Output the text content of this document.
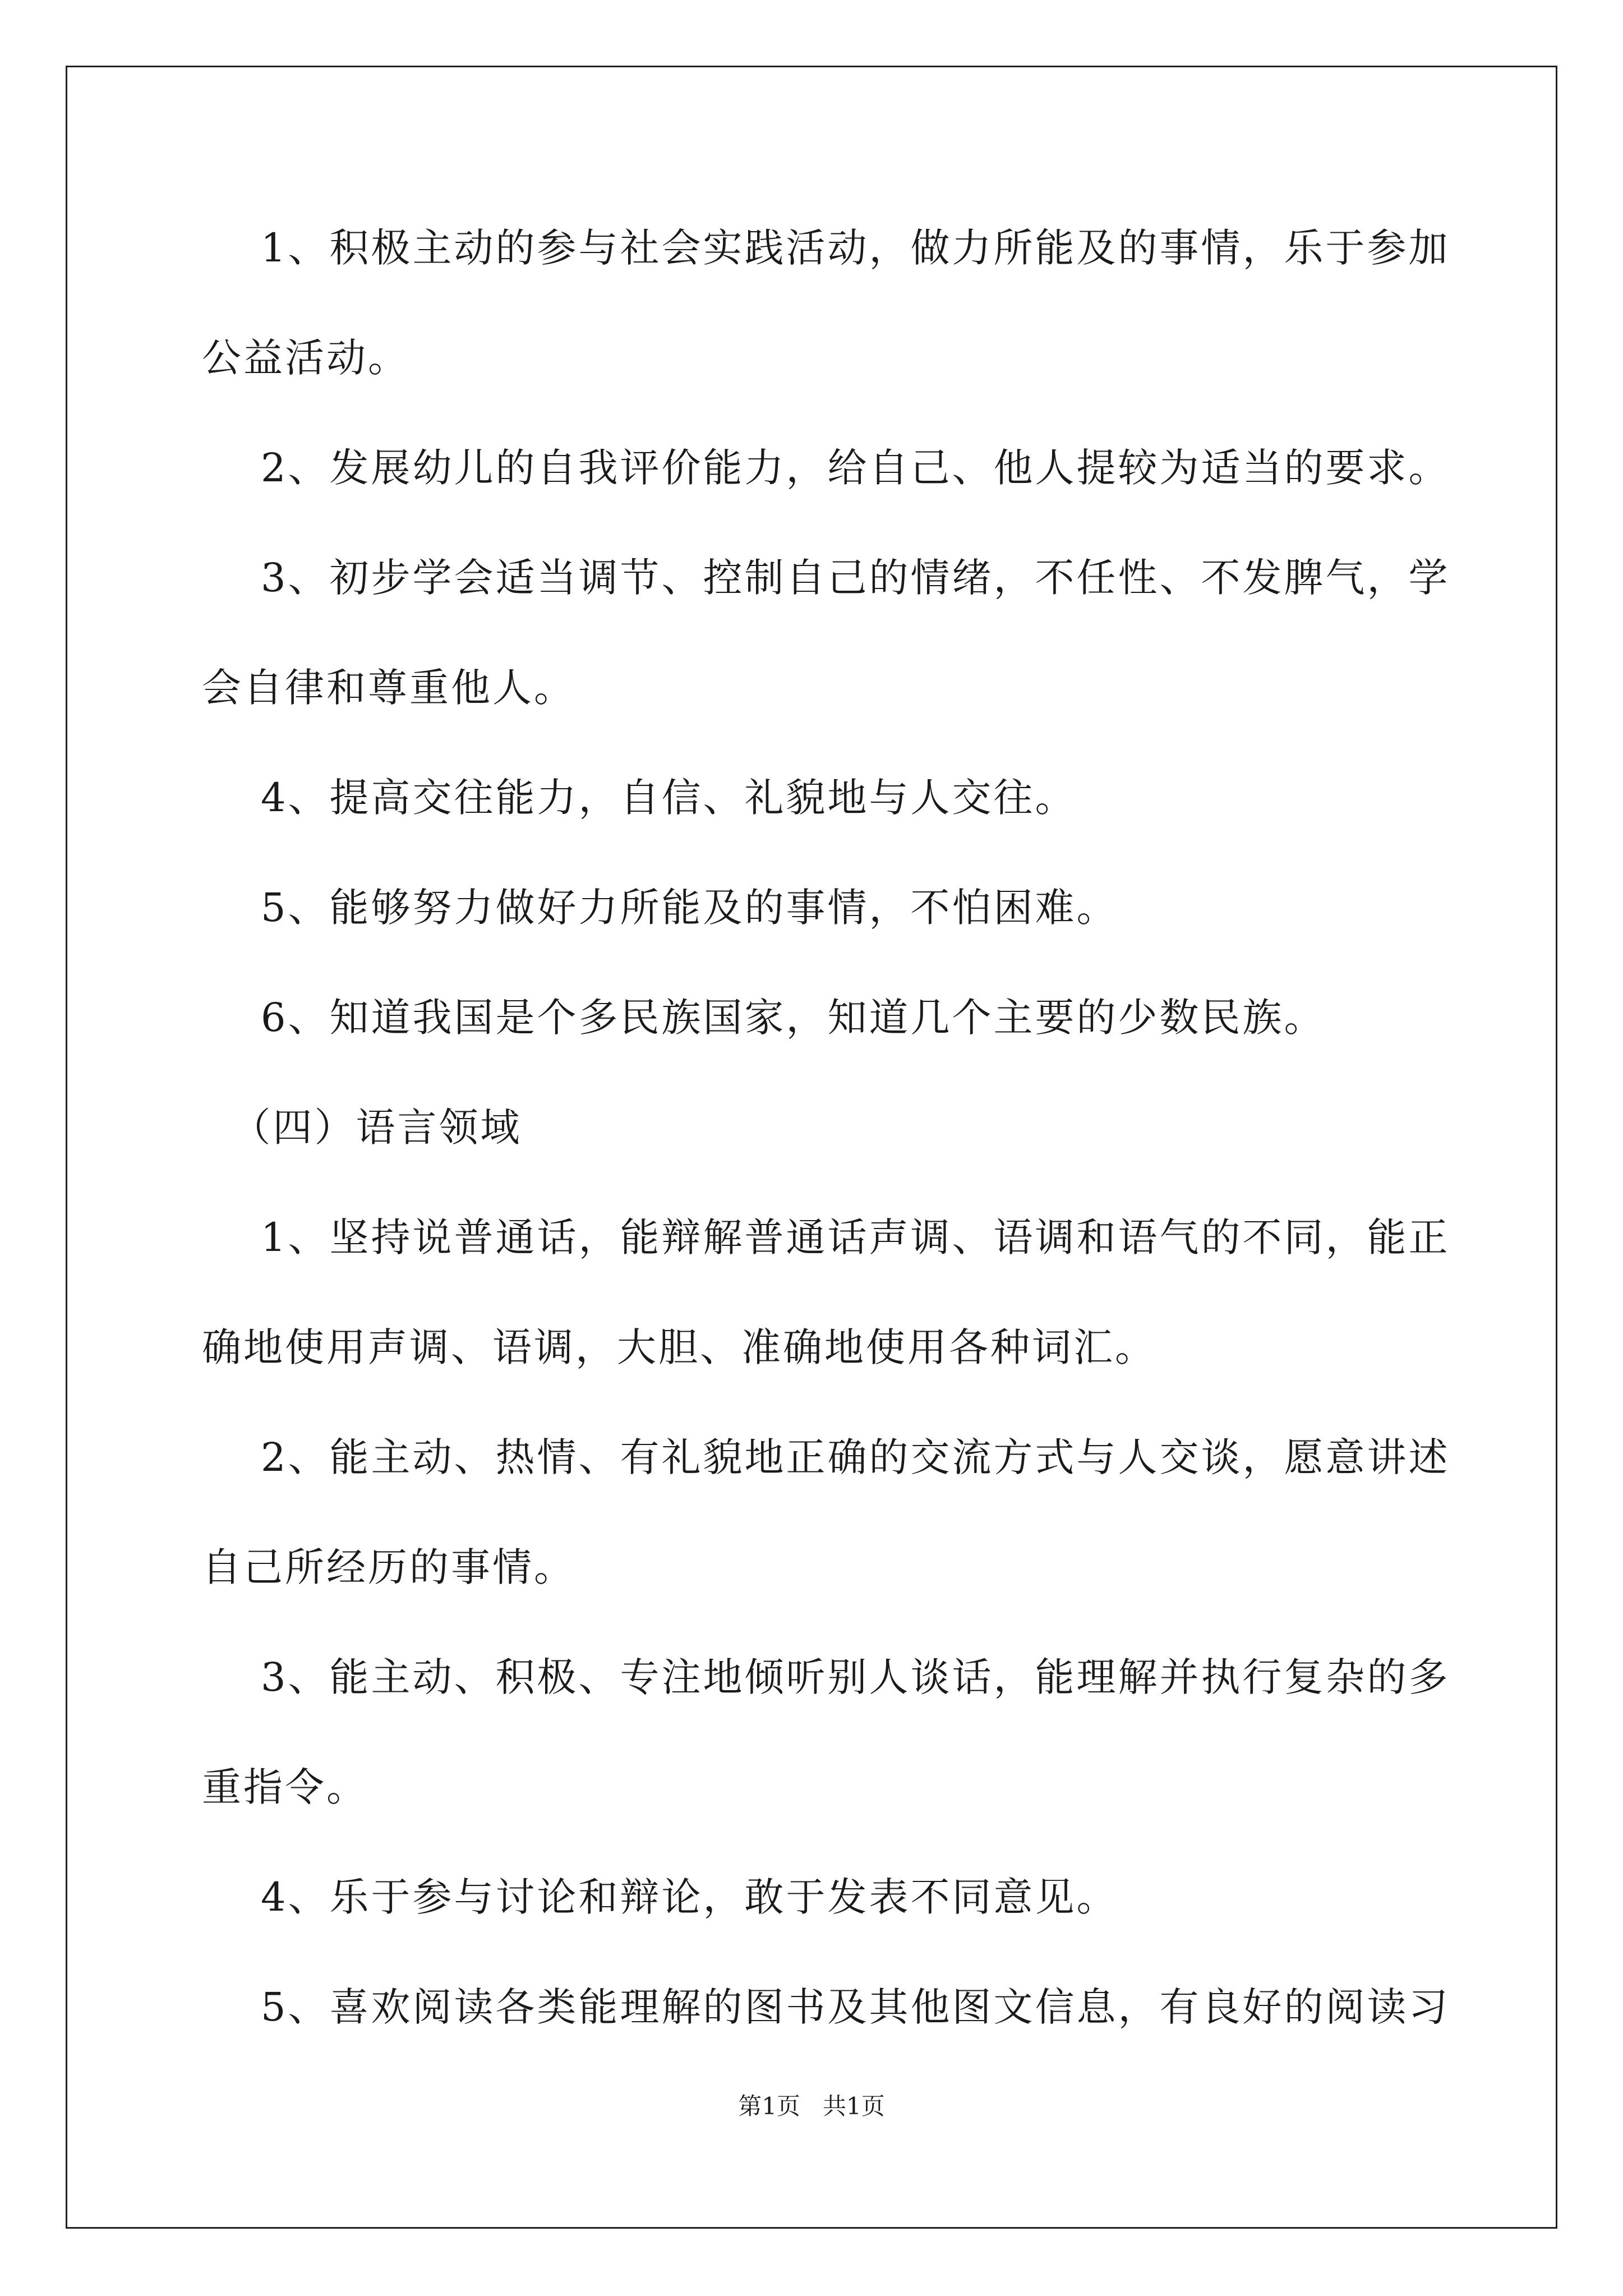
1、积极主动的参与社会实践活动，做力所能及的事情，乐于参加
公益活动。
2、发展幼儿的自我评价能力，给自己、他人提较为适当的要求。
3、初步学会适当调节、控制自己的情绪，不任性、不发脾气，学
会自律和尊重他人。
4、提高交往能力，自信、礼貌地与人交往。
5、能够努力做好力所能及的事情，不怕困难。
6、知道我国是个多民族国家，知道几个主要的少数民族。
（四）语言领域
1、坚持说普通话，能辩解普通话声调、语调和语气的不同，能正
确地使用声调、语调，大胆、准确地使用各种词汇。
2、能主动、热情、有礼貌地正确的交流方式与人交谈，愿意讲述
自己所经历的事情。
3、能主动、积极、专注地倾听别人谈话，能理解并执行复杂的多
重指令。
4、乐于参与讨论和辩论，敢于发表不同意见。
5、喜欢阅读各类能理解的图书及其他图文信息，有良好的阅读习
第1页   共1页
